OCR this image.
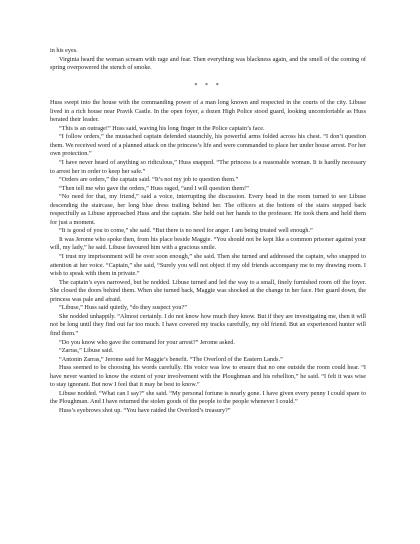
in his eyes.

Virginia heard the woman scream with rage and fear. Then everything was blackness again, and the smell of the coming of spring overpowered the stench of smoke.

* * *

Huss swept into the house with the commanding power of a man long known and respected in the courts of the city. Libuse lived in a rich house near Pravik Castle. In the open foyer, a dozen High Police stood guard, looking uncomfortable as Huss berated their leader.

“This is an outrage!” Huss said, waving his long finger in the Police captain’s face.

“I follow orders,” the mustached captain defended staunchly, his powerful arms folded across his chest. “I don’t question them. We received word of a planned attack on the princess’s life and were commanded to place her under house arrest. For her own protection.”

“I have never heard of anything so ridiculous,” Huss snapped. “The princess is a reasonable woman. It is hardly necessary to arrest her in order to keep her safe.”

“Orders are orders,” the captain said. “It’s not my job to question them.”

“Then tell me who gave the orders,” Huss raged, “and I will question them!”

“No need for that, my friend,” said a voice, interrupting the discussion. Every head in the room turned to see Libuse descending the staircase, her long blue dress trailing behind her. The officers at the bottom of the stairs stepped back respectfully as Libuse approached Huss and the captain. She held out her hands to the professor. He took them and held them for just a moment.

“It is good of you to come,” she said. “But there is no need for anger. I am being treated well enough.”

It was Jerome who spoke then, from his place beside Maggie. “You should not be kept like a common prisoner against your will, my lady,” he said. Libuse favoured him with a gracious smile.

“I trust my imprisonment will be over soon enough,” she said. Then she turned and addressed the captain, who snapped to attention at her voice. “Captain,” she said, “Surely you will not object if my old friends accompany me to my drawing room. I wish to speak with them in private.”

The captain’s eyes narrowed, but he nodded. Libuse turned and led the way to a small, finely furnished room off the foyer. She closed the doors behind them. When she turned back, Maggie was shocked at the change in her face. Her guard down, the princess was pale and afraid.

“Libuse,” Huss said quietly, “do they suspect you?”

She nodded unhappily. “Almost certainly. I do not know how much they know. But if they are investigating me, then it will not be long until they find out far too much. I have covered my tracks carefully, my old friend. But an experienced hunter will find them.”

“Do you know who gave the command for your arrest?” Jerome asked.

“Zarras,” Libuse said.

“Antonin Zarras,” Jerome said for Maggie’s benefit. “The Overlord of the Eastern Lands.”

Huss seemed to be choosing his words carefully. His voice was low to ensure that no one outside the room could hear. “I have never wanted to know the extent of your involvement with the Ploughman and his rebellion,” he said. “I felt it was wise to stay ignorant. But now I feel that it may be best to know.”

Libuse nodded. “What can I say?” she said. “My personal fortune is nearly gone. I have given every penny I could spare to the Ploughman. And I have returned the stolen goods of the people to the people whenever I could.”

Huss’s eyebrows shot up. “You have raided the Overlord’s treasury?”
